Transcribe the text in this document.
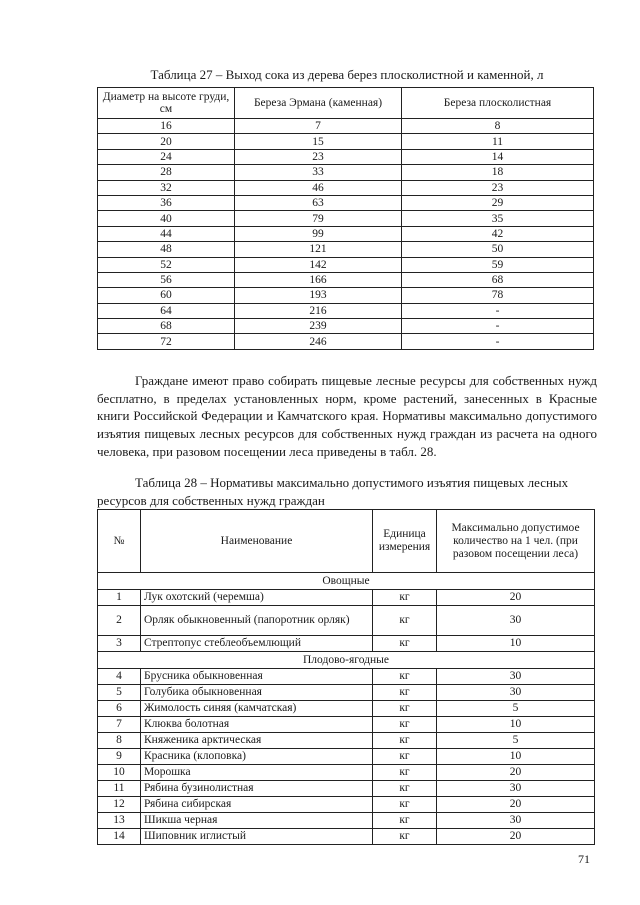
Таблица 27 – Выход сока из дерева берез плосколистной и каменной, л
Диаметр на высоте груди, см	Береза Эрмана (каменная)	Береза плосколистная
16	7	8
20	15	11
24	23	14
28	33	18
32	46	23
36	63	29
40	79	35
44	99	42
48	121	50
52	142	59
56	166	68
60	193	78
64	216	-
68	239	-
72	246	-
Граждане имеют право собирать пищевые лесные ресурсы для собственных нужд бесплатно, в пределах установленных норм, кроме растений, занесенных в Красные книги Российской Федерации и Камчатского края. Нормативы максимально допустимого изъятия пищевых лесных ресурсов для собственных нужд граждан из расчета на одного человека, при разовом посещении леса приведены в табл. 28.
Таблица 28 – Нормативы максимально допустимого изъятия пищевых лесных ресурсов для собственных нужд граждан
№	Наименование	Единица измерения	Максимально допустимое количество на 1 чел. (при разовом посещении леса)
Овощные			
1	Лук охотский (черемша)	кг	20
2	Орляк обыкновенный (папоротник орляк)	кг	30
3	Стрептопус стеблеобъемлющий	кг	10
Плодово-ягодные			
4	Брусника обыкновенная	кг	30
5	Голубика обыкновенная	кг	30
6	Жимолость синяя (камчатская)	кг	5
7	Клюква болотная	кг	10
8	Княженика арктическая	кг	5
9	Красника (клоповка)	кг	10
10	Морошка	кг	20
11	Рябина бузинолистная	кг	30
12	Рябина сибирская	кг	20
13	Шикша черная	кг	30
14	Шиповник иглистый	кг	20
71
